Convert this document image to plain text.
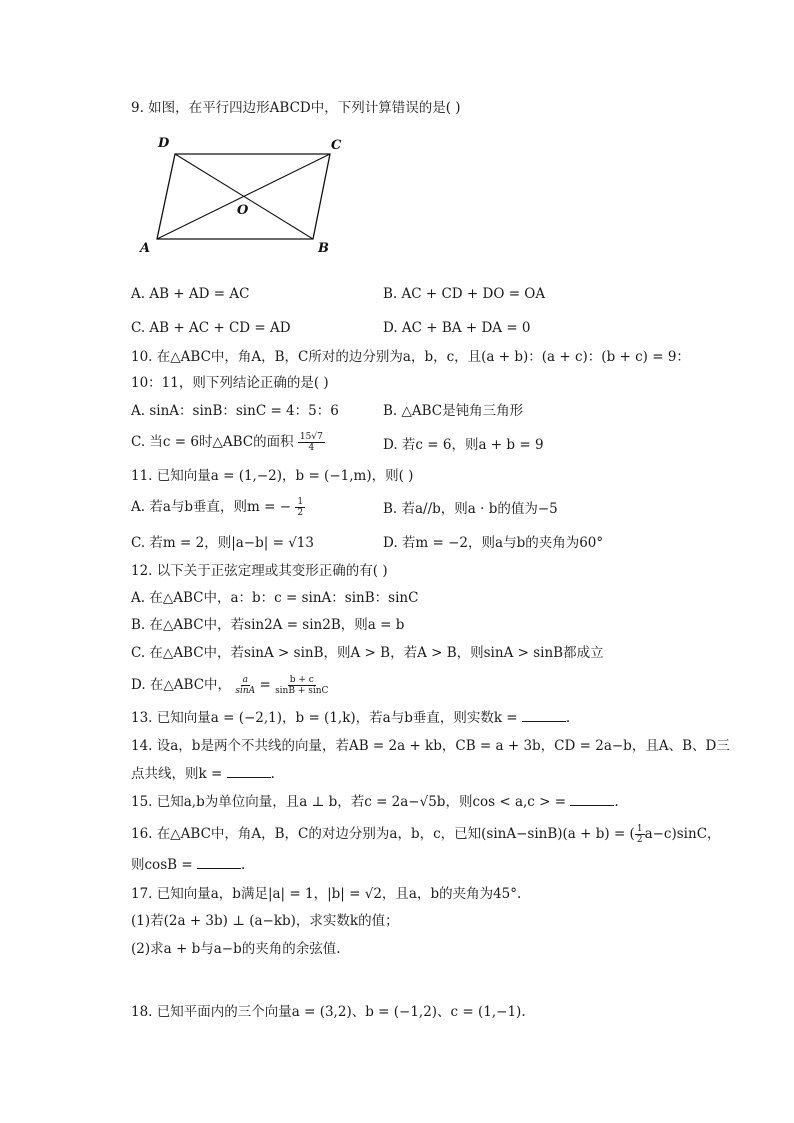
9. 如图，在平行四边形ABCD中，下列计算错误的是( )
D	C
O
A	B
A. AB + AD = AC	B. AC + CD + DO = OA
C. AB + AC + CD = AD	D. AC + BA + DA = 0
10. 在△ABC中，角A，B，C所对的边分别为a，b，c，且(a + b)：(a + c)：(b + c) = 9：
10：11，则下列结论正确的是( )
A. sinA：sinB：sinC = 4：5：6	B. △ABC是钝角三角形
C. 当c = 6时△ABC的面积 $\frac{15√7}{4}$	D. 若c = 6，则a + b = 9
11. 已知向量a = (1,−2)，b = (−1,m)，则( )
A. 若a与b垂直，则m = − $\frac{1}{2}$	B. 若a//b，则a · b的值为−5
C. 若m = 2，则|a−b| = √13	D. 若m = −2，则a与b的夹角为60°
12. 以下关于正弦定理或其变形正确的有( )
A. 在△ABC中，a：b：c = sinA：sinB：sinC
B. 在△ABC中，若sin2A = sin2B，则a = b
C. 在△ABC中，若sinA > sinB，则A > B，若A > B，则sinA > sinB都成立
D. 在△ABC中， $\frac{a}{\sin A} = \frac{b + c}{\sin B + \sin C}$
13. 已知向量a = (−2,1)，b = (1,k)，若a与b垂直，则实数k =	.
14. 设a，b是两个不共线的向量，若AB = 2a + kb，CB = a + 3b，CD = 2a−b，且A、B、D三
点共线，则k =	.
15. 已知a,b为单位向量，且a ⊥ b，若c = 2a−√5b，则cos < a,c > =	.
16. 在△ABC中，角A，B，C的对边分别为a，b，c，已知(sinA−sinB)(a + b) = ( $\frac{1}{2} a-c)\sin C$，
则cosB =	.
17. 已知向量a，b满足|a| = 1，|b| = √2，且a，b的夹角为45°.
(1)若(2a + 3b) ⊥ (a−kb)，求实数k的值；
(2)求a + b与a−b的夹角的余弦值.
18. 已知平面内的三个向量a = (3,2)、b = (−1,2)、c = (1,−1).
